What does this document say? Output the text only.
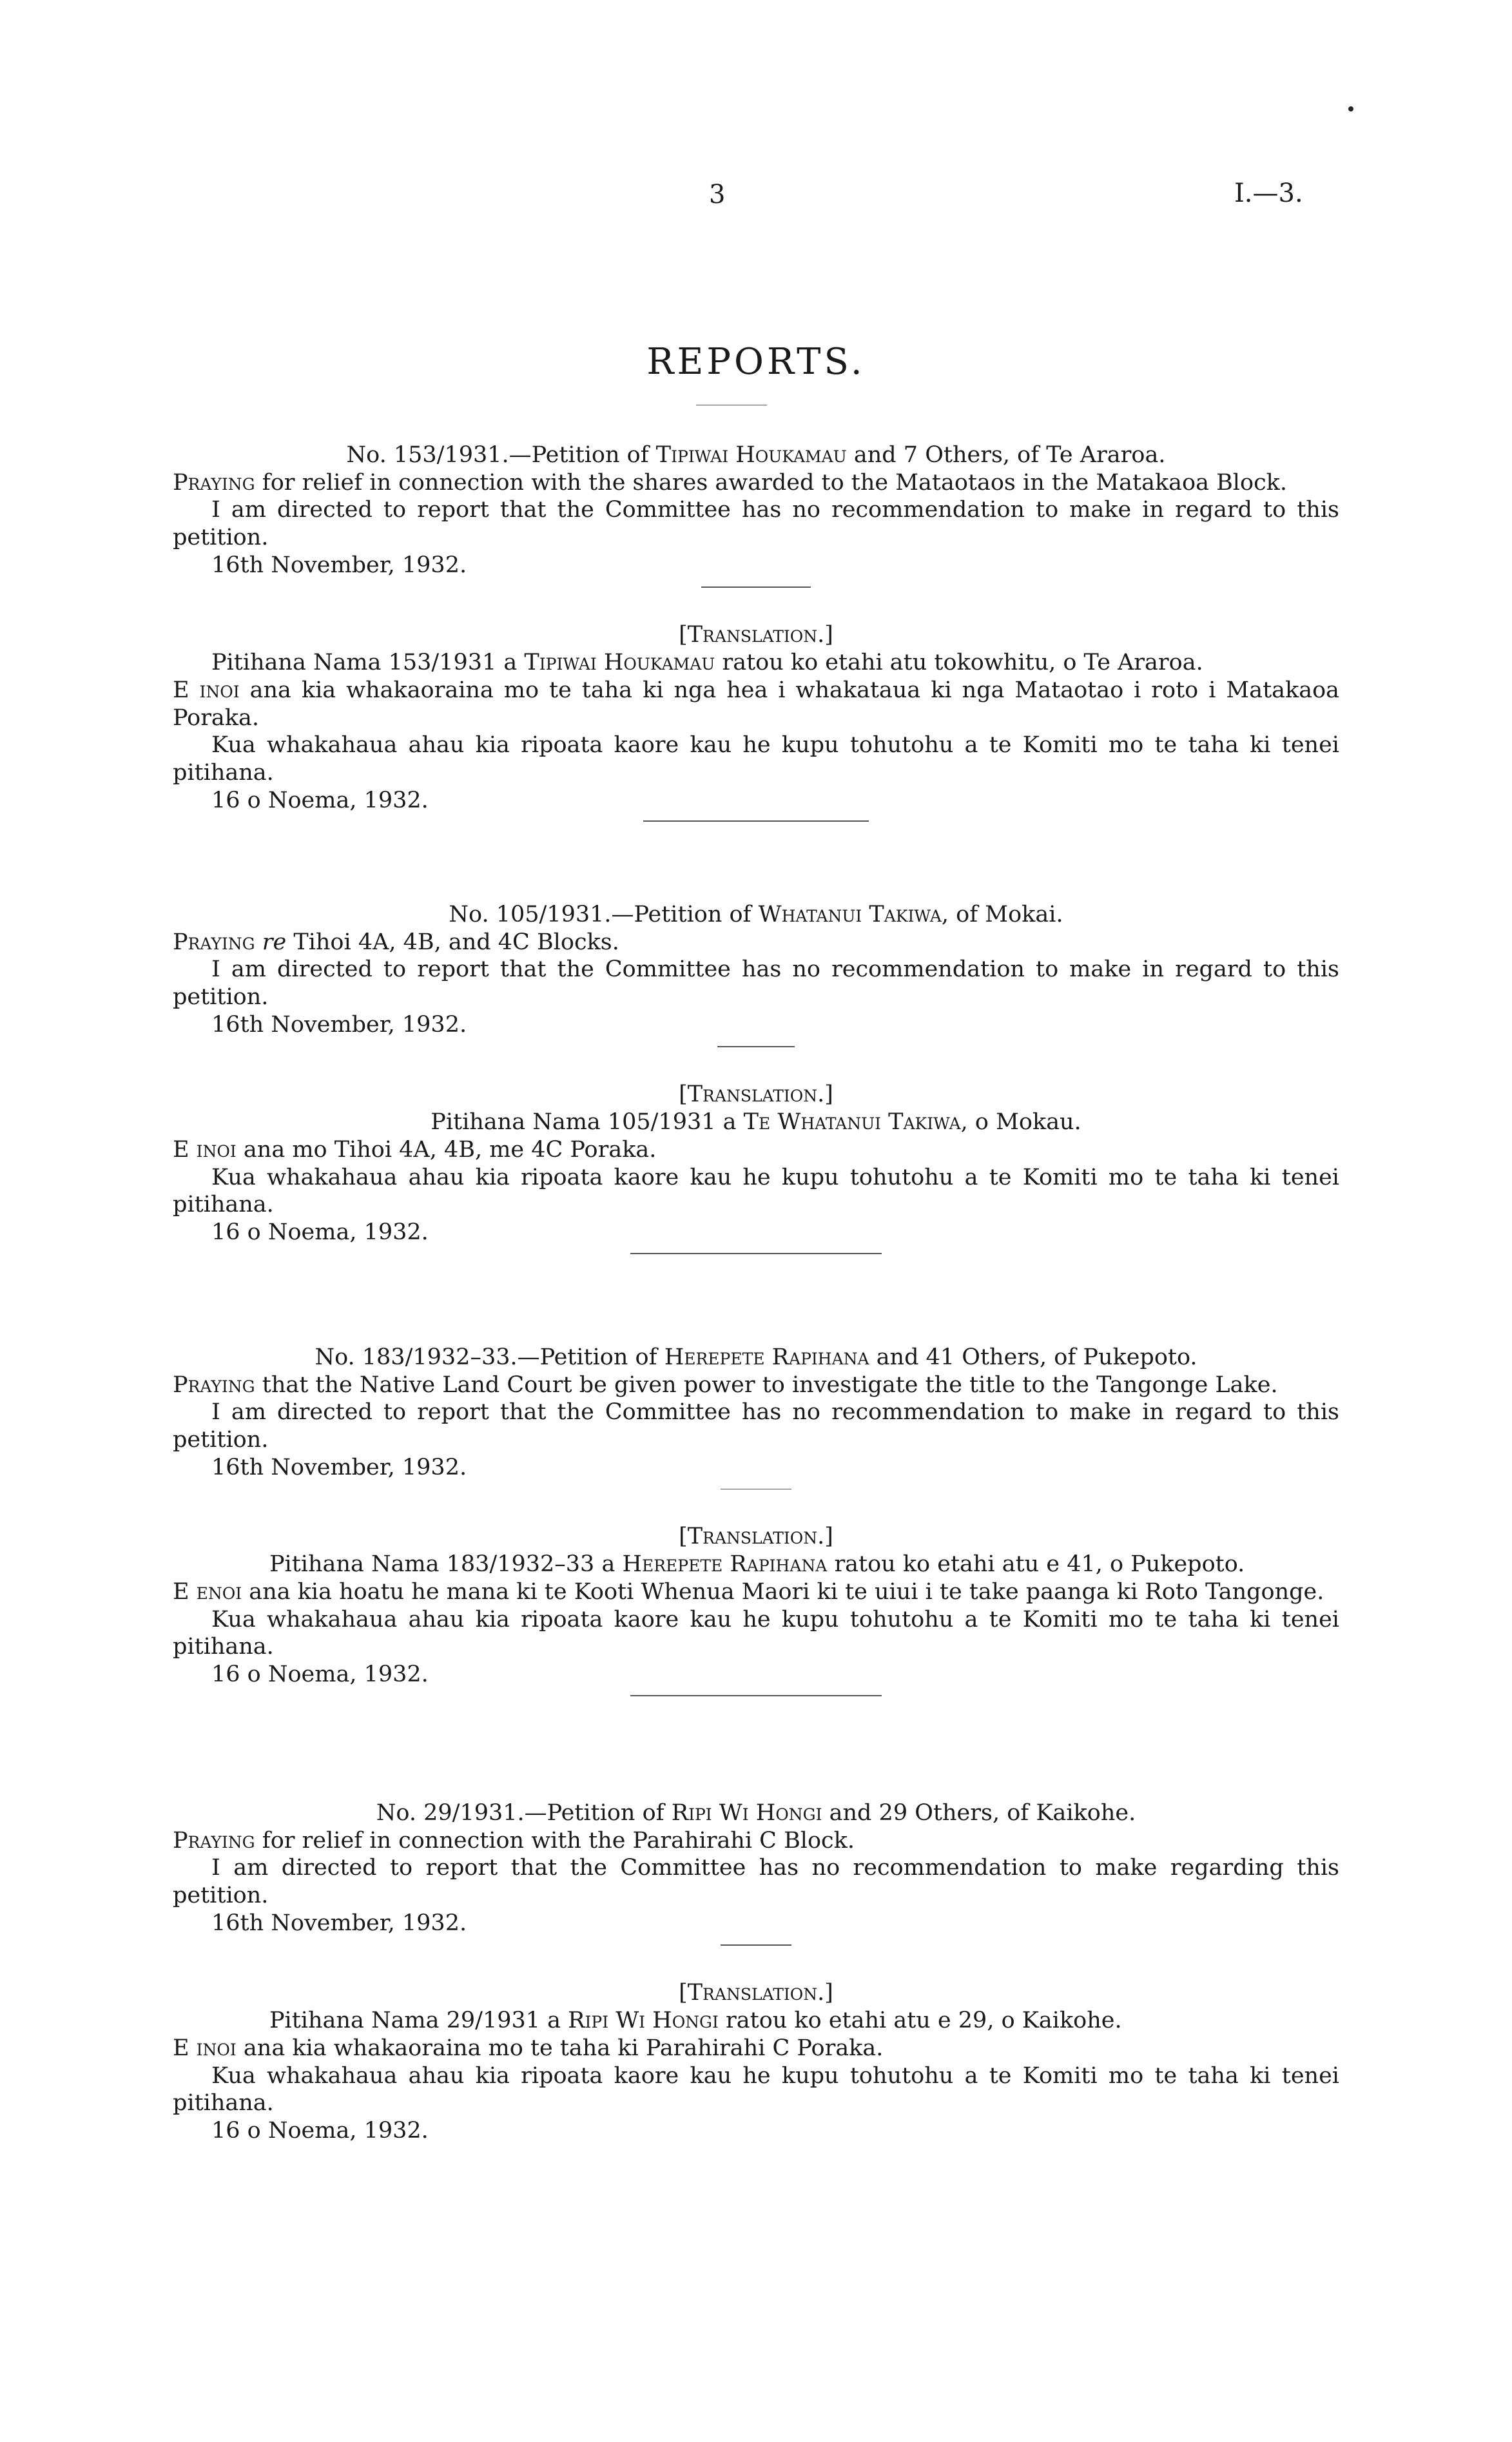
3	I.—3.
REPORTS.

No. 153/1931.—Petition of Tipiwai Houkamau and 7 Others, of Te Araroa.

Praying for relief in connection with the shares awarded to the Mataotaos in the Matakaoa Block.

I am directed to report that the Committee has no recommendation to make in regard to this

petition.

16th November, 1932.

[Translation.]

Pitihana Nama 153/1931 a Tipiwai Houkamau ratou ko etahi atu tokowhitu, o Te Araroa.

E inoi ana kia whakaoraina mo te taha ki nga hea i whakataua ki nga Mataotao i roto i Matakaoa

Poraka.

Kua whakahaua ahau kia ripoata kaore kau he kupu tohutohu a te Komiti mo te taha ki tenei

pitihana.

16 o Noema, 1932.

No. 105/1931.—Petition of Whatanui Takiwa, of Mokai.

Praying re Tihoi 4A, 4B, and 4C Blocks.

I am directed to report that the Committee has no recommendation to make in regard to this

petition.

16th November, 1932.

[Translation.]

Pitihana Nama 105/1931 a Te Whatanui Takiwa, o Mokau.

E inoi ana mo Tihoi 4A, 4B, me 4C Poraka.

Kua whakahaua ahau kia ripoata kaore kau he kupu tohutohu a te Komiti mo te taha ki tenei

pitihana.

16 o Noema, 1932.

No. 183/1932–33.—Petition of Herepete Rapihana and 41 Others, of Pukepoto.

Praying that the Native Land Court be given power to investigate the title to the Tangonge Lake.

I am directed to report that the Committee has no recommendation to make in regard to this

petition.

16th November, 1932.

[Translation.]

Pitihana Nama 183/1932–33 a Herepete Rapihana ratou ko etahi atu e 41, o Pukepoto.

E enoi ana kia hoatu he mana ki te Kooti Whenua Maori ki te uiui i te take paanga ki Roto Tangonge.

Kua whakahaua ahau kia ripoata kaore kau he kupu tohutohu a te Komiti mo te taha ki tenei

pitihana.

16 o Noema, 1932.

No. 29/1931.—Petition of Ripi Wi Hongi and 29 Others, of Kaikohe.

Praying for relief in connection with the Parahirahi C Block.

I am directed to report that the Committee has no recommendation to make regarding this

petition.

16th November, 1932.

[Translation.]

Pitihana Nama 29/1931 a Ripi Wi Hongi ratou ko etahi atu e 29, o Kaikohe.

E inoi ana kia whakaoraina mo te taha ki Parahirahi C Poraka.

Kua whakahaua ahau kia ripoata kaore kau he kupu tohutohu a te Komiti mo te taha ki tenei

pitihana.

16 o Noema, 1932.
